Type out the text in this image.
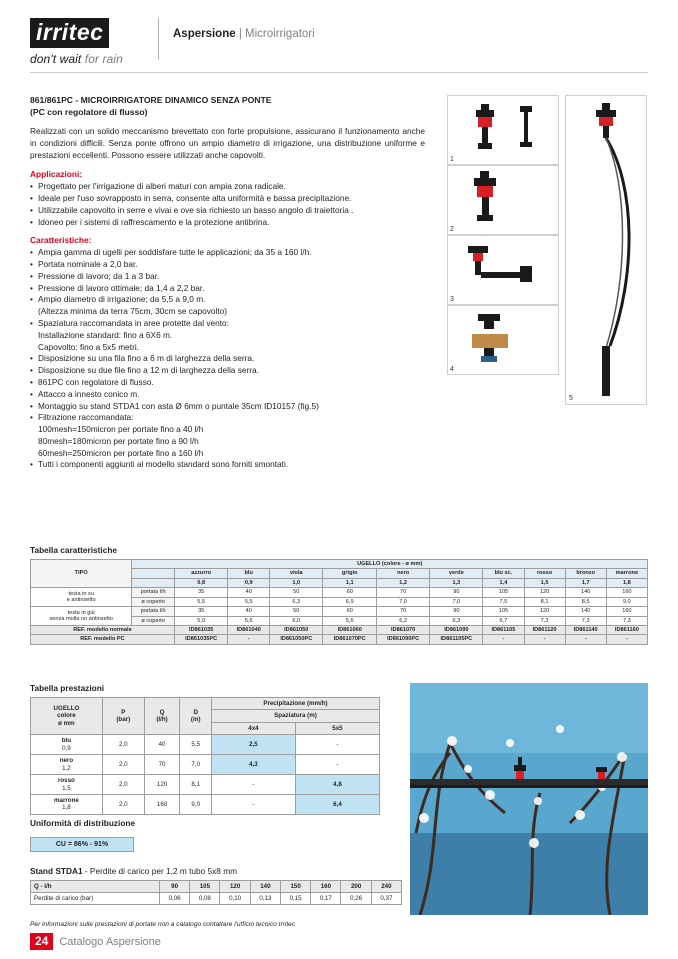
irritec
don't wait for rain
Aspersione | Microirrigatori
861/861PC - MICROIRRIGATORE DINAMICO SENZA PONTE
(PC con regolatore di flusso)
Realizzati con un solido meccanismo brevettato con forte propulsione, assicurano il funzionamento anche in condizioni difficili. Senza ponte offrono un ampio diametro di irrigazione, una distribuzione uniforme e prestazioni eccellenti. Possono essere utilizzati anche capovolti.
Applicazioni:
• Progettato per l'irrigazione di alberi maturi con ampia zona radicale.
• Ideale per l'uso sovrapposto in serra, consente alta uniformità e bassa precipitazione.
• Utilizzabile capovolto in serre e vivai e ove sia richiesto un basso angolo di traiettoria .
• Idoneo per i sistemi di raffrescamento e la protezione antibrina.
Caratteristiche:
• Ampia gamma di ugelli per soddisfare tutte le applicazioni; da 35 a 160 l/h.
• Portata nominale a 2,0 bar.
• Pressione di lavoro; da 1 a 3 bar.
• Pressione di lavoro ottimale; da 1,4 a 2,2 bar.
• Ampio diametro di irrigazione; da 5,5 a 9,0 m.
(Altezza minima da terra 75cm, 30cm se capovolto)
• Spaziatura raccomandata in aree protette dal vento:
Installazione standard: fino a 6X6 m.
Capovolto: fino a 5x5 metri.
• Disposizione su una fila fino a 6 m di larghezza della serra.
• Disposizione su due file fino a 12 m di larghezza della serra.
• 861PC con regolatore di flusso.
• Attacco a innesto conico m.
• Montaggio su stand STDA1 con asta Ø 6mm o puntale 35cm ID10157 (fig.5)
• Filtrazione raccomandata:
100mesh=150micron per portate fino a 40 l/h
80mesh=180micron per portate fino a 90 l/h
60mesh=250micron per portate fino a 160 l/h
• Tutti i componenti aggiunti al modello standard sono forniti smontati.
1
2
3
4
5
Tabella caratteristiche
TIPO	UGELLO (colore - ø mm)										
		azzurro	blu	viola	grigio	nero	verde	blu sc.	rosso	bronzo	marrone
		0,8	0,9	1,0	1,1	1,2	1,3	1,4	1,5	1,7	1,8
testa in su
e antinsetto	portata l/h	35	40	50	60	70	90	105	120	140	160
	ø coperto	5,5	5,5	6,3	6,9	7,0	7,0	7,5	8,1	8,5	9,0
testa in giù
senza molla no antinsetto	portata l/h	35	40	50	60	70	90	105	120	140	160
	ø coperto	5,0	5,6	6,0	5,6	6,2	6,3	6,7	7,3	7,3	7,3
REF. modello normale		ID861035	ID861040	ID861050	ID861060	ID861070	ID861090	ID861105	ID861120	ID861140	ID861160
REF. modello PC		ID861035PC	-	ID861050PC	ID861070PC	ID861090PC	ID861105PC	-	-	-	-
Tabella prestazioni
UGELLO
colore
ø mm	P
(bar)	Q
(l/h)	D
(m)	Precipitazione (mm/h)	
				Spaziatura (m)	
				4x4	5x5

blu
0,9	2,0	40	5,5	2,5	-

nero
1,2	2,0	70	7,0	4,3	-

rosso
1,5	2,0	120	8,1	-	4,8

marrone
1,8	2,0	160	9,0	-	6,4
Uniformità di distribuzione
CU = 86% - 91%
Stand STDA1 - Perdite di carico per 1,2 m tubo 5x8 mm
Q - l/h	90	105	120	140	150	160	200	240
Perdite di carico (bar)	0,06	0,08	0,10	0,13	0,15	0,17	0,26	0,37
Per informazioni sulle prestazioni di portate non a catalogo contattare l'ufficio tecnico Irritec
24	Catalogo Aspersione
